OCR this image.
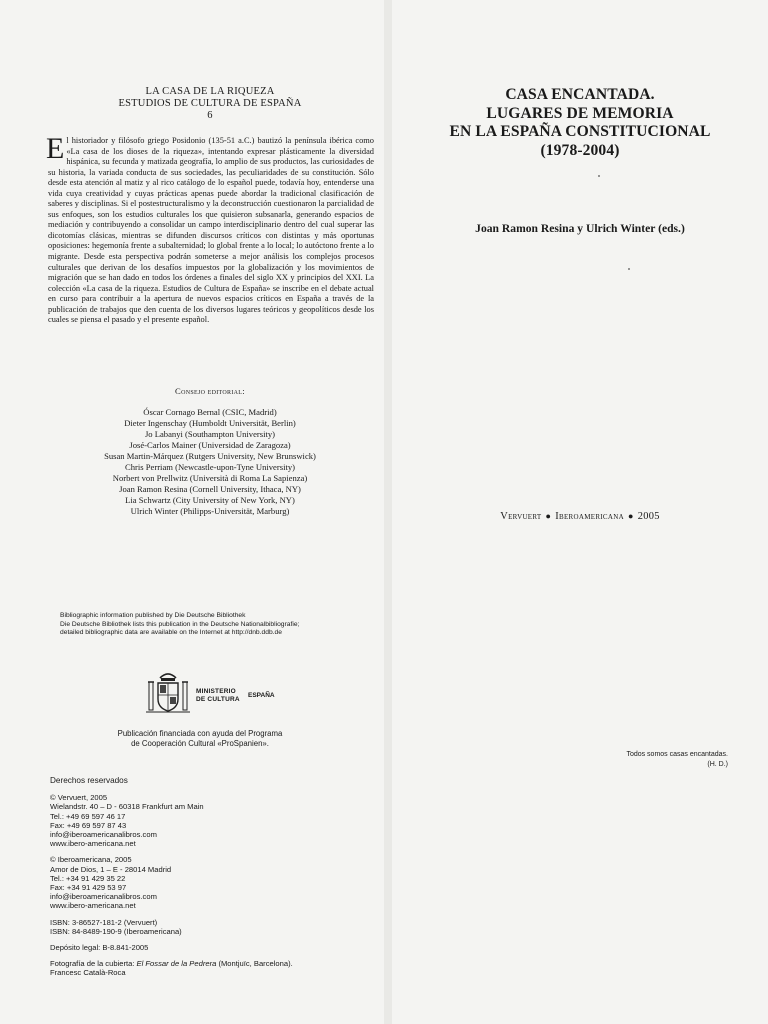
LA CASA DE LA RIQUEZA
ESTUDIOS DE CULTURA DE ESPAÑA
6
E l historiador y filósofo griego Posidonio (135-51 a.C.) bautizó la península ibérica como «La casa de los dioses de la riqueza», intentando expresar plásticamente la diversidad hispánica, su fecunda y matizada geografía, lo amplio de sus productos, las curiosidades de su historia, la variada conducta de sus sociedades, las peculiaridades de su constitución. Sólo desde esta atención al matiz y al rico catálogo de lo español puede, todavía hoy, entenderse una vida cuya creatividad y cuyas prácticas apenas puede abordar la tradicional clasificación de saberes y disciplinas. Si el postestructuralismo y la deconstrucción cuestionaron la parcialidad de sus enfoques, son los estudios culturales los que quisieron subsanarla, generando espacios de mediación y contribuyendo a consolidar un campo interdisciplinario dentro del cual superar las dicotomías clásicas, mientras se difunden discursos críticos con distintas y más oportunas oposiciones: hegemonía frente a subalternidad; lo global frente a lo local; lo autóctono frente a lo migrante. Desde esta perspectiva podrán someterse a mejor análisis los complejos procesos culturales que derivan de los desafíos impuestos por la globalización y los movimientos de migración que se han dado en todos los órdenes a finales del siglo XX y principios del XXI. La colección «La casa de la riqueza. Estudios de Cultura de España» se inscribe en el debate actual en curso para contribuir a la apertura de nuevos espacios críticos en España a través de la publicación de trabajos que den cuenta de los diversos lugares teóricos y geopolíticos desde los cuales se piensa el pasado y el presente español.
Consejo editorial:
Óscar Cornago Bernal (CSIC, Madrid)
Dieter Ingenschay (Humboldt Universität, Berlin)
Jo Labanyi (Southampton University)
José-Carlos Mainer (Universidad de Zaragoza)
Susan Martin-Márquez (Rutgers University, New Brunswick)
Chris Perriam (Newcastle-upon-Tyne University)
Norbert von Prellwitz (Università di Roma La Sapienza)
Joan Ramon Resina (Cornell University, Ithaca, NY)
Lia Schwartz (City University of New York, NY)
Ulrich Winter (Philipps-Universität, Marburg)
Bibliographic information published by Die Deutsche Bibliothek
Die Deutsche Bibliothek lists this publication in the Deutsche Nationalbibliografie;
detailed bibliographic data are available on the Internet at http://dnb.ddb.de
MINISTERIO
DE CULTURA ESPAÑA
Publicación financiada con ayuda del Programa
de Cooperación Cultural «ProSpanien».
Derechos reservados
© Vervuert, 2005
Wielandstr. 40 – D - 60318 Frankfurt am Main
Tel.: +49 69 597 46 17
Fax: +49 69 597 87 43
info@iberoamericanalibros.com
www.ibero-americana.net
© Iberoamericana, 2005
Amor de Dios, 1 – E - 28014 Madrid
Tel.: +34 91 429 35 22
Fax: +34 91 429 53 97
info@iberoamericanalibros.com
www.ibero-americana.net
ISBN: 3-86527-181-2 (Vervuert)
ISBN: 84-8489-190-9 (Iberoamericana)
Depósito legal: B-8.841-2005
Fotografía de la cubierta: El Fossar de la Pedrera (Montjuïc, Barcelona).
Francesc Català-Roca
CASA ENCANTADA.
LUGARES DE MEMORIA
EN LA ESPAÑA CONSTITUCIONAL
(1978-2004)
Joan Ramon Resina y Ulrich Winter (eds.)
Vervuert ● Iberoamericana ● 2005
Todos somos casas encantadas.
(H. D.)
